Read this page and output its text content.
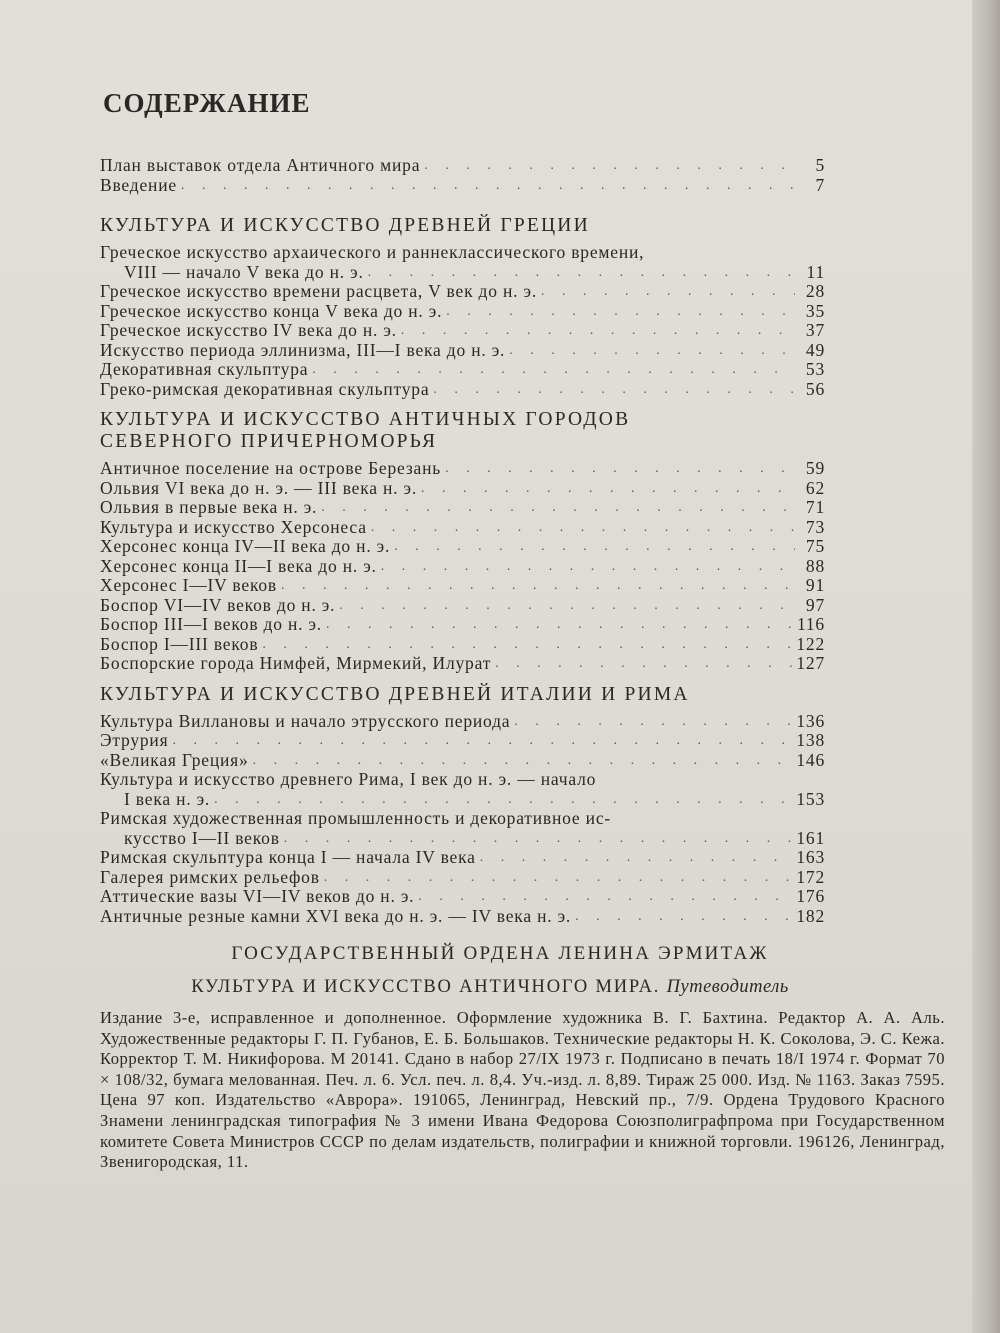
СОДЕРЖАНИЕ
План выставок отдела Античного мира . . .	5
Введение . . .	7
КУЛЬТУРА И ИСКУССТВО ДРЕВНЕЙ ГРЕЦИИ
Греческое искусство архаического и раннеклассического времени,
VIII — начало V века до н. э. . . .	11
Греческое искусство времени расцвета, V век до н. э. . . .	28
Греческое искусство конца V века до н. э. . . .	35
Греческое искусство IV века до н. э. . . .	37
Искусство периода эллинизма, III—I века до н. э. . . .	49
Декоративная скульптура . . .	53
Греко-римская декоративная скульптура . . .	56
КУЛЬТУРА И ИСКУССТВО АНТИЧНЫХ ГОРОДОВ СЕВЕРНОГО ПРИЧЕРНОМОРЬЯ
Античное поселение на острове Березань . . .	59
Ольвия VI века до н. э. — III века н. э. . . .	62
Ольвия в первые века н. э. . . .	71
Культура и искусство Херсонеса . . .	73
Херсонес конца IV—II века до н. э. . . .	75
Херсонес конца II—I века до н. э. . . .	88
Херсонес I—IV веков . . .	91
Боспор VI—IV веков до н. э. . . .	97
Боспор III—I веков до н. э. . . .	116
Боспор I—III веков . . .	122
Боспорские города Нимфей, Мирмекий, Илурат . . .	127
КУЛЬТУРА И ИСКУССТВО ДРЕВНЕЙ ИТАЛИИ И РИМА
Культура Виллановы и начало этрусского периода . . .	136
Этрурия . . .	138
«Великая Греция» . . .	146
Культура и искусство древнего Рима, I век до н. э. — начало
I века н. э. . . .	153
Римская художественная промышленность и декоративное ис-
кусство I—II веков . . .	161
Римская скульптура конца I — начала IV века . . .	163
Галерея римских рельефов . . .	172
Аттические вазы VI—IV веков до н. э. . . .	176
Античные резные камни XVI века до н. э. — IV века н. э. . . .	182
ГОСУДАРСТВЕННЫЙ ОРДЕНА ЛЕНИНА ЭРМИТАЖ
КУЛЬТУРА И ИСКУССТВО АНТИЧНОГО МИРА. Путеводитель
Издание 3-е, исправленное и дополненное. Оформление художника В. Г. Бахтина. Редактор А. А. Аль. Художественные редакторы Г. П. Губанов, Е. Б. Большаков. Технические редакторы Н. К. Соколова, Э. С. Кежа. Корректор Т. М. Никифорова. М 20141. Сдано в набор 27/IX 1973 г. Подписано в печать 18/I 1974 г. Формат 70 × 108/32, бумага мелованная. Печ. л. 6. Усл. печ. л. 8,4. Уч.-изд. л. 8,89. Тираж 25 000. Изд. № 1163. Заказ 7595. Цена 97 коп. Издательство «Аврора». 191065, Ленинград, Невский пр., 7/9. Ордена Трудового Красного Знамени ленинградская типография № 3 имени Ивана Федорова Союзполиграфпрома при Государственном комитете Совета Министров СССР по делам издательств, полиграфии и книжной торговли. 196126, Ленинград, Звенигородская, 11.
